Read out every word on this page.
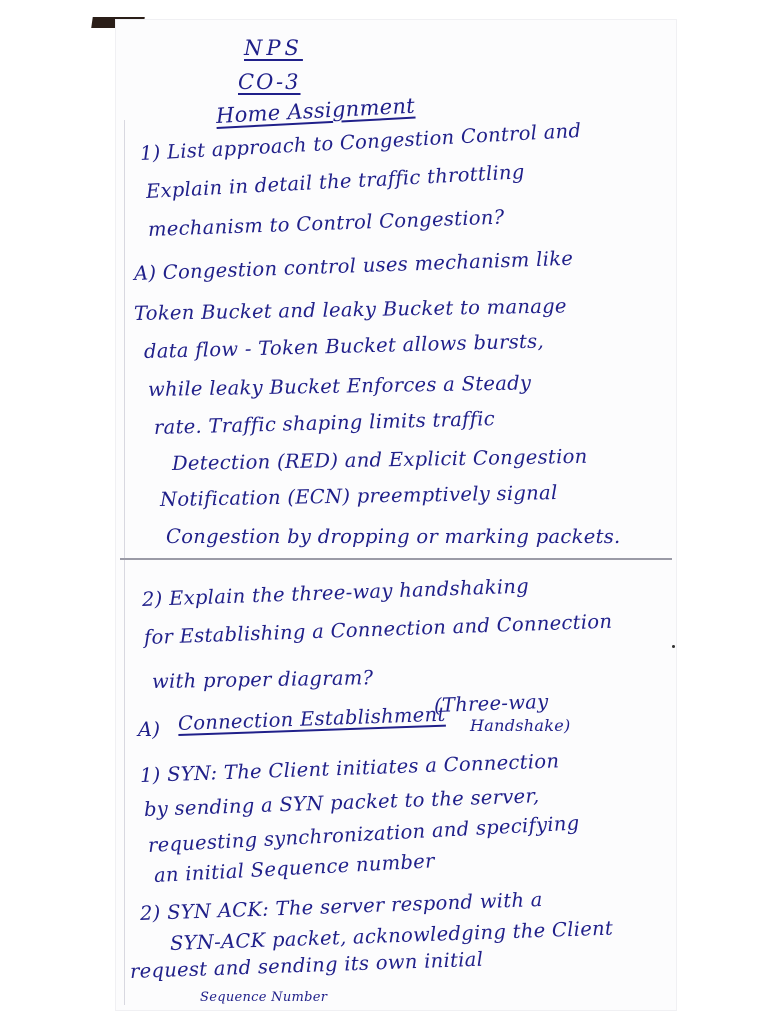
NPS
CO-3
Home Assignment
1) List approach to Congestion Control and
Explain in detail the traffic throttling
mechanism to Control Congestion?
A) Congestion control uses mechanism like
Token Bucket and leaky Bucket to manage
data flow - Token Bucket allows bursts,
while leaky Bucket Enforces a Steady
rate. Traffic shaping limits traffic
Detection (RED) and Explicit Congestion
Notification (ECN) preemptively signal
Congestion by dropping or marking packets.
2) Explain the three-way handshaking
for Establishing a Connection and Connection
with proper diagram?
A) Connection Establishment
(Three-way
Handshake)
1) SYN: The Client initiates a Connection
by sending a SYN packet to the server,
requesting synchronization and specifying
an initial Sequence number
2) SYN ACK: The server respond with a
SYN-ACK packet, acknowledging the Client
request and sending its own initial
Sequence Number
